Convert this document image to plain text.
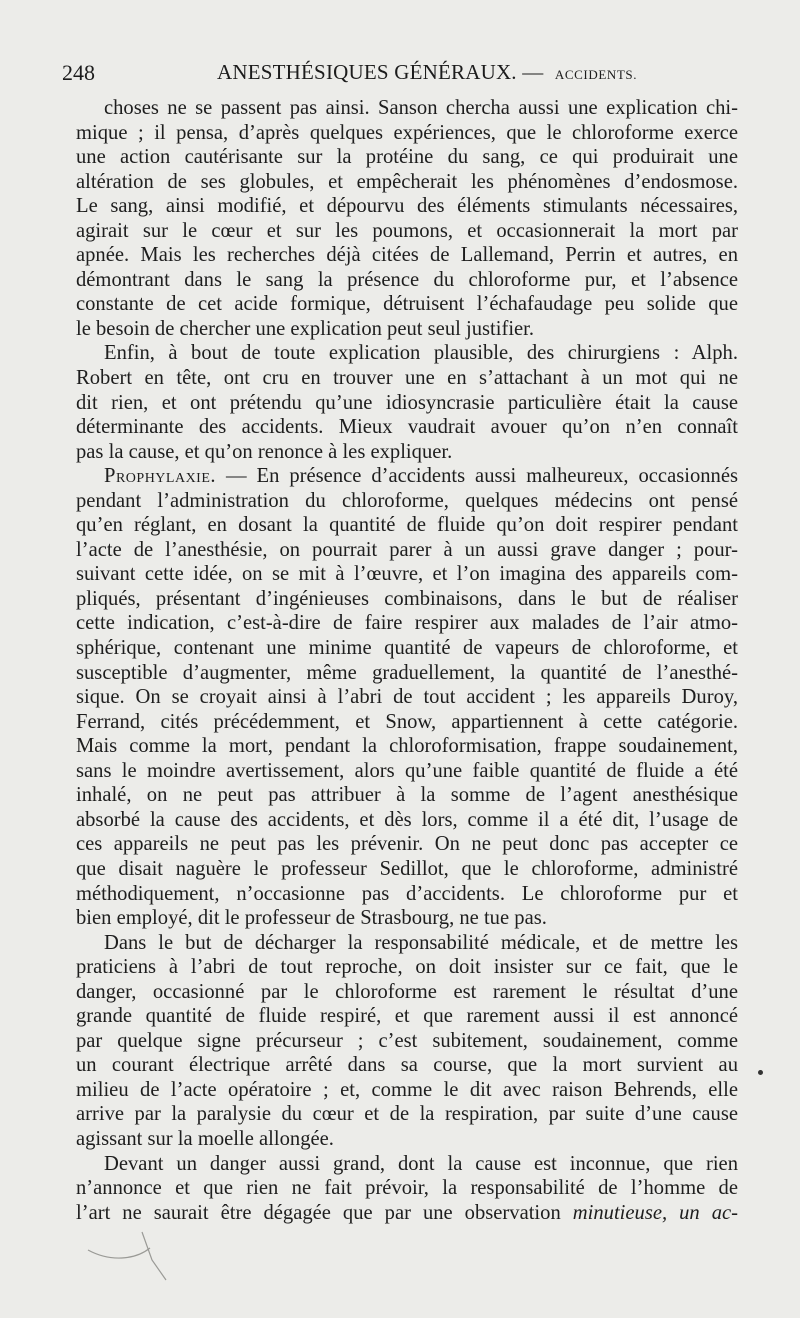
248	ANESTHÉSIQUES GÉNÉRAUX. — ACCIDENTS.

choses ne se passent pas ainsi. Sanson chercha aussi une explication chi-

mique ; il pensa, d’après quelques expériences, que le chloroforme exerce

une action cautérisante sur la protéine du sang, ce qui produirait une

altération de ses globules, et empêcherait les phénomènes d’endosmose.

Le sang, ainsi modifié, et dépourvu des éléments stimulants nécessaires,

agirait sur le cœur et sur les poumons, et occasionnerait la mort par

apnée. Mais les recherches déjà citées de Lallemand, Perrin et autres, en

démontrant dans le sang la présence du chloroforme pur, et l’absence

constante de cet acide formique, détruisent l’échafaudage peu solide que

le besoin de chercher une explication peut seul justifier.

Enfin, à bout de toute explication plausible, des chirurgiens : Alph.

Robert en tête, ont cru en trouver une en s’attachant à un mot qui ne

dit rien, et ont prétendu qu’une idiosyncrasie particulière était la cause

déterminante des accidents. Mieux vaudrait avouer qu’on n’en connaît

pas la cause, et qu’on renonce à les expliquer.

Prophylaxie. — En présence d’accidents aussi malheureux, occasionnés

pendant l’administration du chloroforme, quelques médecins ont pensé

qu’en réglant, en dosant la quantité de fluide qu’on doit respirer pendant

l’acte de l’anesthésie, on pourrait parer à un aussi grave danger ; pour-

suivant cette idée, on se mit à l’œuvre, et l’on imagina des appareils com-

pliqués, présentant d’ingénieuses combinaisons, dans le but de réaliser

cette indication, c’est-à-dire de faire respirer aux malades de l’air atmo-

sphérique, contenant une minime quantité de vapeurs de chloroforme, et

susceptible d’augmenter, même graduellement, la quantité de l’anesthé-

sique. On se croyait ainsi à l’abri de tout accident ; les appareils Duroy,

Ferrand, cités précédemment, et Snow, appartiennent à cette catégorie.

Mais comme la mort, pendant la chloroformisation, frappe soudainement,

sans le moindre avertissement, alors qu’une faible quantité de fluide a été

inhalé, on ne peut pas attribuer à la somme de l’agent anesthésique

absorbé la cause des accidents, et dès lors, comme il a été dit, l’usage de

ces appareils ne peut pas les prévenir. On ne peut donc pas accepter ce

que disait naguère le professeur Sedillot, que le chloroforme, administré

méthodiquement, n’occasionne pas d’accidents. Le chloroforme pur et

bien employé, dit le professeur de Strasbourg, ne tue pas.

Dans le but de décharger la responsabilité médicale, et de mettre les

praticiens à l’abri de tout reproche, on doit insister sur ce fait, que le

danger, occasionné par le chloroforme est rarement le résultat d’une

grande quantité de fluide respiré, et que rarement aussi il est annoncé

par quelque signe précurseur ; c’est subitement, soudainement, comme

un courant électrique arrêté dans sa course, que la mort survient au

milieu de l’acte opératoire ; et, comme le dit avec raison Behrends, elle

arrive par la paralysie du cœur et de la respiration, par suite d’une cause

agissant sur la moelle allongée.

Devant un danger aussi grand, dont la cause est inconnue, que rien

n’annonce et que rien ne fait prévoir, la responsabilité de l’homme de

l’art ne saurait être dégagée que par une observation minutieuse, un ac-
